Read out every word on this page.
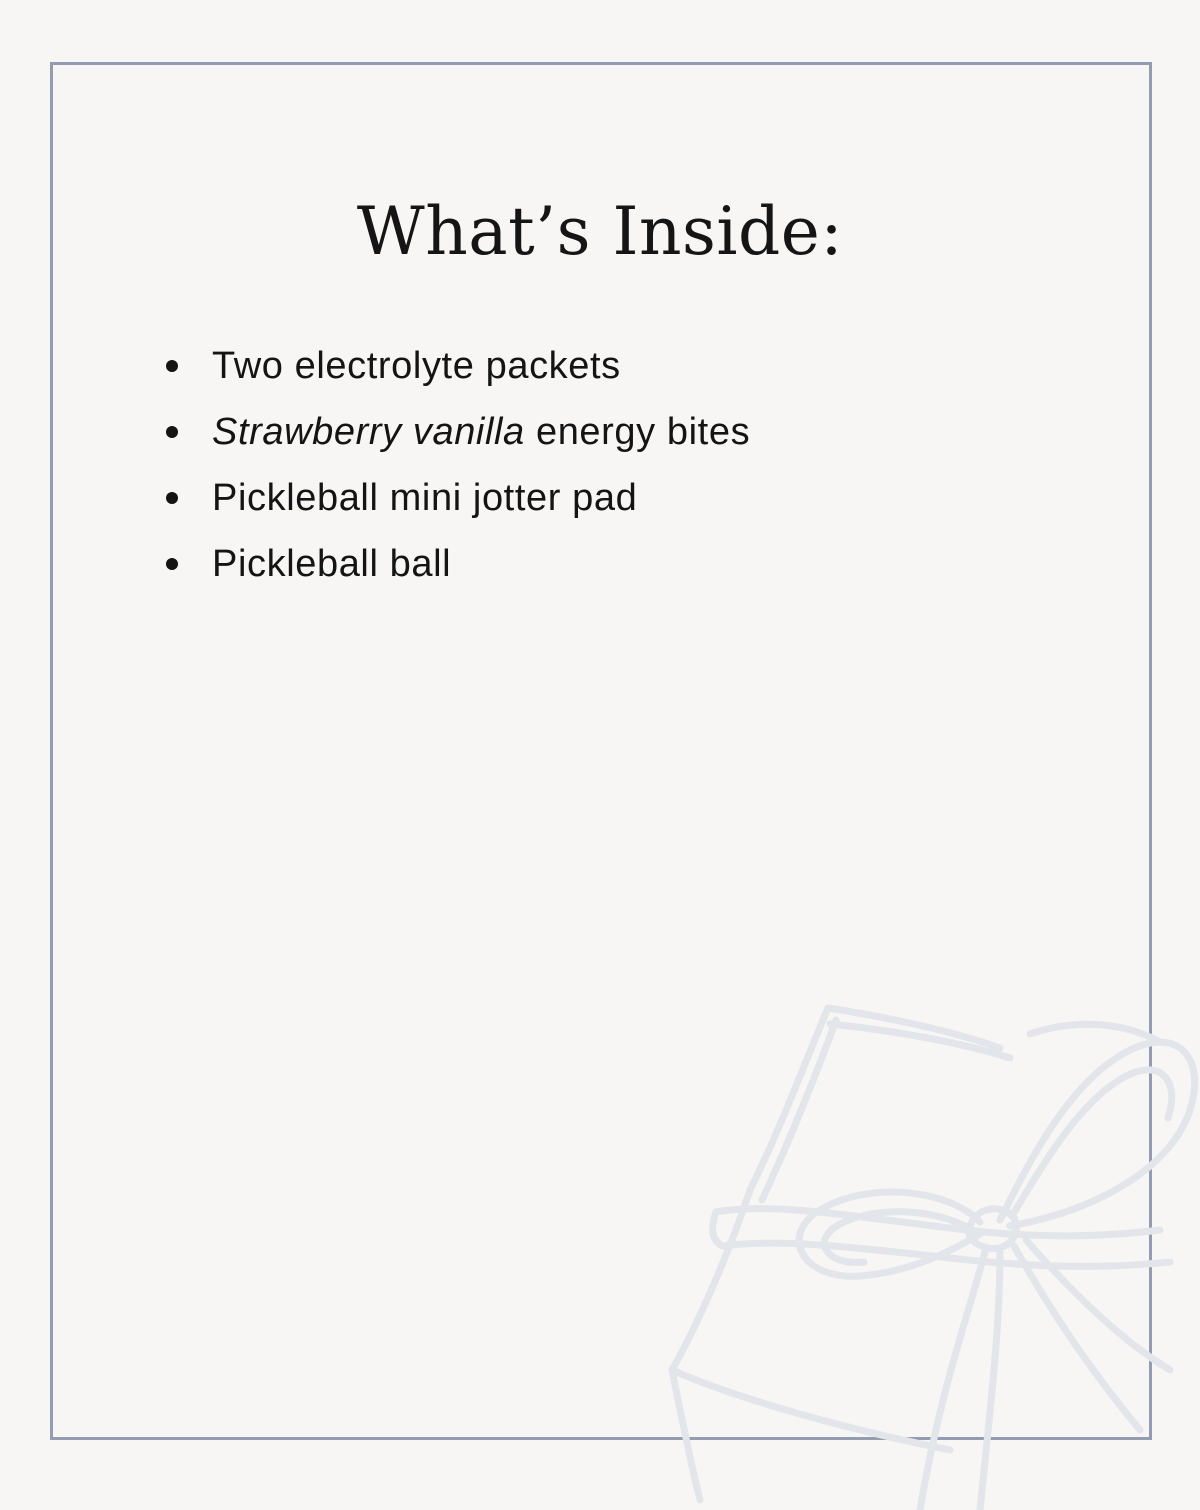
What’s Inside:
Two electrolyte packets
Strawberry vanilla energy bites
Pickleball mini jotter pad
Pickleball ball
